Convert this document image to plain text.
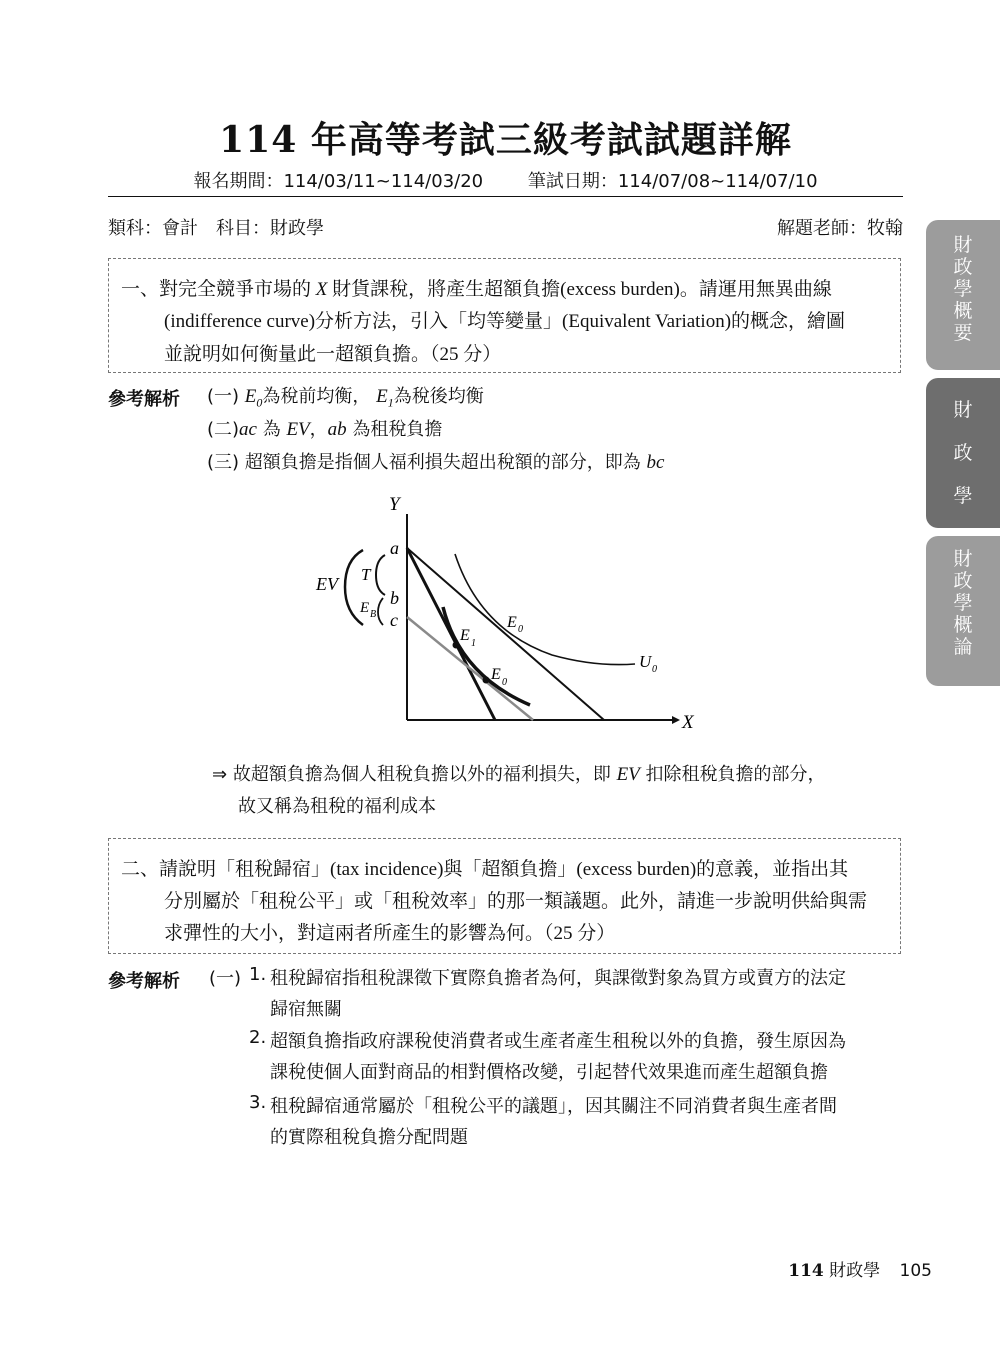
114 年高等考試三級考試試題詳解
報名期間：114/03/11~114/03/20 筆試日期：114/07/08~114/07/10
類科：會計　科目：財政學	解題老師：牧翰
財
政
學
概
要
財
政
學
財
政
學
概
論
一、對完全競爭市場的 X 財貨課稅，將產生超額負擔(excess burden)。請運用無異曲線
(indifference curve)分析方法，引入「均等變量」(Equivalent Variation)的概念，繪圖
並說明如何衡量此一超額負擔。（25 分）
參考解析 (一) $E_0$為稅前均衡， $E_1$為稅後均衡
(二)ac 為 EV，ab 為租稅負擔
(三) 超額負擔是指個人福利損失超出稅額的部分，即為 bc
Y
X
a
b
c
EV T
E B	E 0
E 1
E 0
U 0
⇒ 故超額負擔為個人租稅負擔以外的福利損失，即 EV 扣除租稅負擔的部分，
故又稱為租稅的福利成本
二、請說明「租稅歸宿」(tax incidence)與「超額負擔」(excess burden)的意義，並指出其
分別屬於「租稅公平」或「租稅效率」的那一類議題。此外，請進一步說明供給與需
求彈性的大小，對這兩者所產生的影響為何。（25 分）
參考解析 (一) 1. 租稅歸宿指租稅課徵下實際負擔者為何，與課徵對象為買方或賣方的法定
歸宿無關
2. 超額負擔指政府課稅使消費者或生產者產生租稅以外的負擔，發生原因為
課稅使個人面對商品的相對價格改變，引起替代效果進而產生超額負擔
3. 租稅歸宿通常屬於「租稅公平的議題」，因其關注不同消費者與生產者間
的實際租稅負擔分配問題
114 財政學 105
